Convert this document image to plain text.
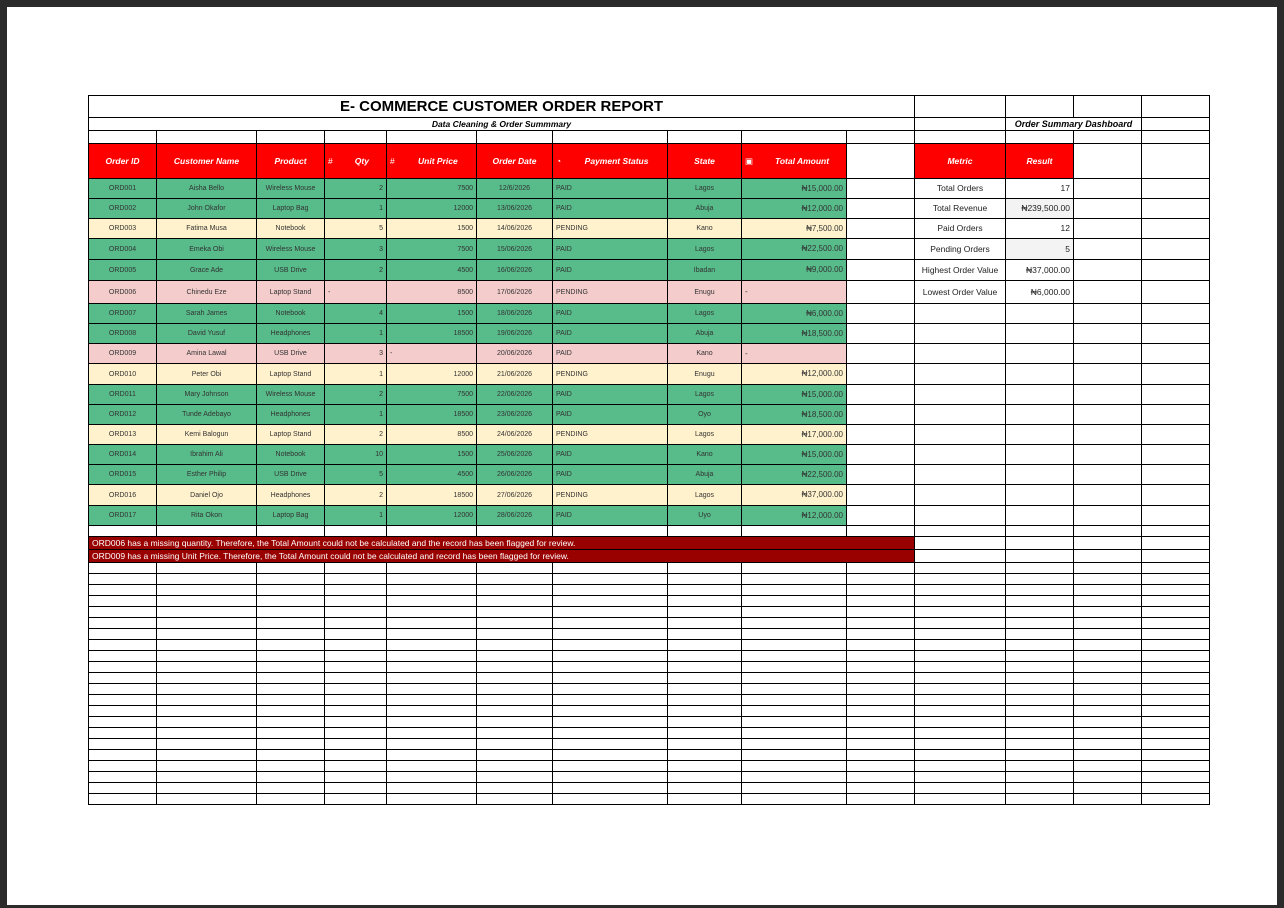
E- COMMERCE CUSTOMER ORDER REPORT													
Data Cleaning & Order Summmary											Order Summary Dashboard		

Order ID	Customer Name	Product	# Qty	# Unit Price	Order Date	◔ Payment Status	State	▣ Total Amount		Metric	Result		
ORD001	Aisha Bello	Wireless Mouse	2	7500	12/6/2026	PAID	Lagos	₦15,000.00		Total Orders	17		
ORD002	John Okafor	Laptop Bag	1	12000	13/06/2026	PAID	Abuja	₦12,000.00		Total Revenue	₦239,500.00		
ORD003	Fatima Musa	Notebook	5	1500	14/06/2026	PENDING	Kano	₦7,500.00		Paid Orders	12		
ORD004	Emeka Obi	Wireless Mouse	3	7500	15/06/2026	PAID	Lagos	₦22,500.00		Pending Orders	5		
ORD005	Grace Ade	USB Drive	2	4500	16/06/2026	PAID	Ibadan	₦9,000.00		Highest Order Value	₦37,000.00		
ORD006	Chinedu Eze	Laptop Stand	-	8500	17/06/2026	PENDING	Enugu	-		Lowest Order Value	₦6,000.00		
ORD007	Sarah James	Notebook	4	1500	18/06/2026	PAID	Lagos	₦6,000.00					
ORD008	David Yusuf	Headphones	1	18500	19/06/2026	PAID	Abuja	₦18,500.00					
ORD009	Amina Lawal	USB Drive	3	-	20/06/2026	PAID	Kano	-					
ORD010	Peter Obi	Laptop Stand	1	12000	21/06/2026	PENDING	Enugu	₦12,000.00					
ORD011	Mary Johnson	Wireless Mouse	2	7500	22/06/2026	PAID	Lagos	₦15,000.00					
ORD012	Tunde Adebayo	Headphones	1	18500	23/06/2026	PAID	Oyo	₦18,500.00					
ORD013	Kemi Balogun	Laptop Stand	2	8500	24/06/2026	PENDING	Lagos	₦17,000.00					
ORD014	Ibrahim Ali	Notebook	10	1500	25/06/2026	PAID	Kano	₦15,000.00					
ORD015	Esther Philip	USB Drive	5	4500	26/06/2026	PAID	Abuja	₦22,500.00					
ORD016	Daniel Ojo	Headphones	2	18500	27/06/2026	PENDING	Lagos	₦37,000.00					
ORD017	Rita Okon	Laptop Bag	1	12000	28/06/2026	PAID	Uyo	₦12,000.00					

ORD006 has a missing quantity. Therefore, the Total Amount could not be calculated and the record has been flagged for review.													
ORD009 has a missing Unit Price. Therefore, the Total Amount could not be calculated and record has been flagged for review.													
